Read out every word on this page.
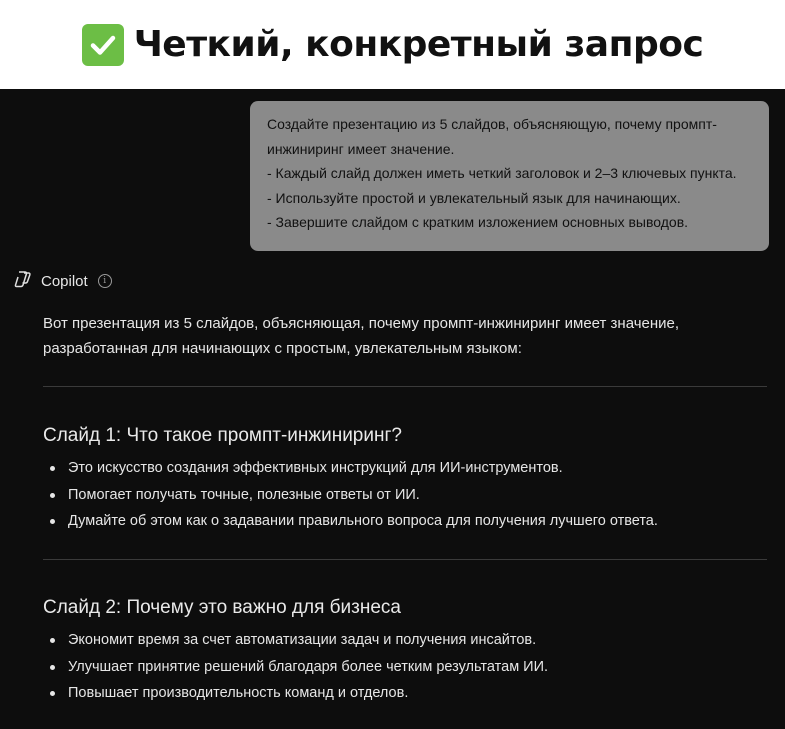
Четкий, конкретный запрос
Создайте презентацию из 5 слайдов, объясняющую, почему промпт-
инжиниринг имеет значение.
- Каждый слайд должен иметь четкий заголовок и 2–3 ключевых пункта.
- Используйте простой и увлекательный язык для начинающих.
- Завершите слайдом с кратким изложением основных выводов.
Copilot	i
Вот презентация из 5 слайдов, объясняющая, почему промпт-инжиниринг имеет значение,
разработанная для начинающих с простым, увлекательным языком:
Слайд 1: Что такое промпт-инжиниринг?
Это искусство создания эффективных инструкций для ИИ-инструментов.
Помогает получать точные, полезные ответы от ИИ.
Думайте об этом как о задавании правильного вопроса для получения лучшего ответа.
Слайд 2: Почему это важно для бизнеса
Экономит время за счет автоматизации задач и получения инсайтов.
Улучшает принятие решений благодаря более четким результатам ИИ.
Повышает производительность команд и отделов.
